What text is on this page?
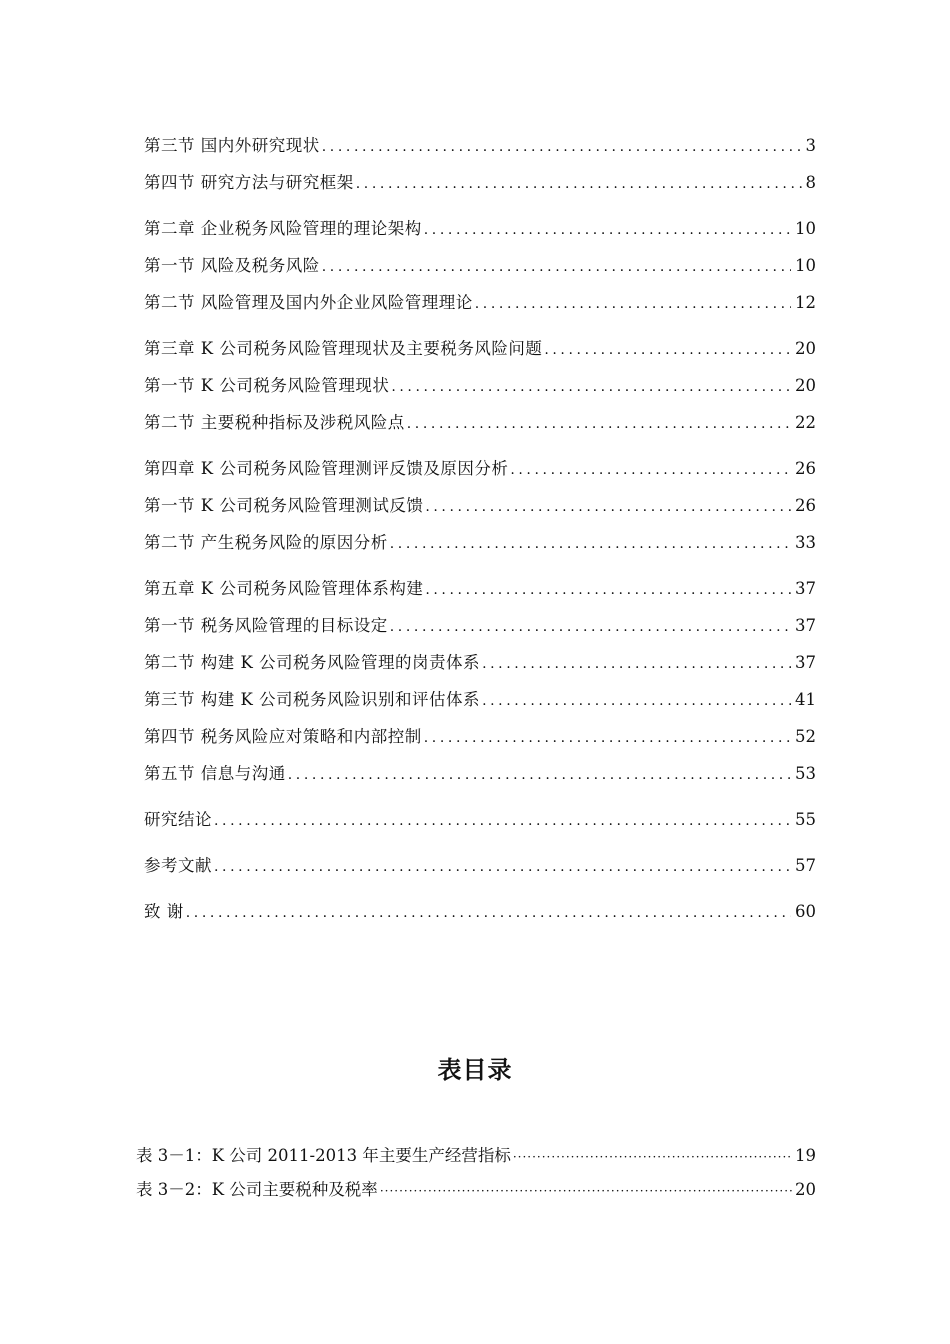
第三节 国内外研究现状 .....	3
第四节 研究方法与研究框架 .....	8
第二章 企业税务风险管理的理论架构 .....	10
第一节 风险及税务风险 .....	10
第二节 风险管理及国内外企业风险管理理论 .....	12
第三章 K 公司税务风险管理现状及主要税务风险问题 .....	20
第一节 K 公司税务风险管理现状 .....	20
第二节 主要税种指标及涉税风险点 .....	22
第四章 K 公司税务风险管理测评反馈及原因分析 .....	26
第一节 K 公司税务风险管理测试反馈 .....	26
第二节 产生税务风险的原因分析 .....	33
第五章 K 公司税务风险管理体系构建 .....	37
第一节 税务风险管理的目标设定 .....	37
第二节 构建 K 公司税务风险管理的岗责体系 .....	37
第三节 构建 K 公司税务风险识别和评估体系 .....	41
第四节 税务风险应对策略和内部控制 .....	52
第五节 信息与沟通 .....	53
研究结论 .....	55
参考文献 .....	57
致 谢 .....	60
表目录
表 3－1：K 公司 2011-2013 年主要生产经营指标 ·····	19
表 3－2：K 公司主要税种及税率 ·····	20
